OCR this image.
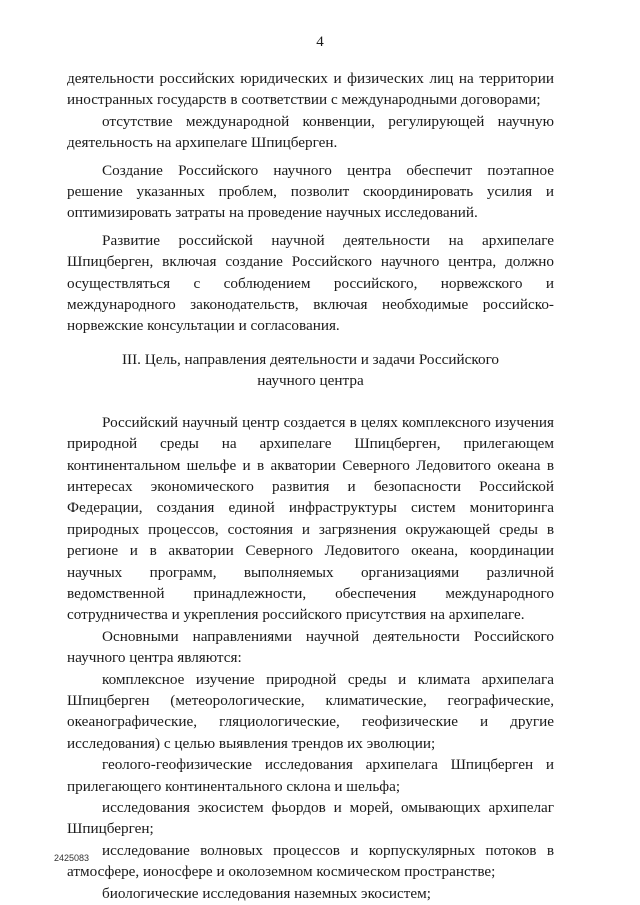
4

деятельности российских юридических и физических лиц на территории иностранных государств в соответствии с международными договорами;

отсутствие международной конвенции, регулирующей научную деятельность на архипелаге Шпицберген.

Создание Российского научного центра обеспечит поэтапное решение указанных проблем, позволит скоординировать усилия и оптимизировать затраты на проведение научных исследований.

Развитие российской научной деятельности на архипелаге Шпицберген, включая создание Российского научного центра, должно осуществляться с соблюдением российского, норвежского и международного законодательств, включая необходимые российско-норвежские консультации и согласования.

III. Цель, направления деятельности и задачи Российского
научного центра

Российский научный центр создается в целях комплексного изучения природной среды на архипелаге Шпицберген, прилегающем континентальном шельфе и в акватории Северного Ледовитого океана в интересах экономического развития и безопасности Российской Федерации, создания единой инфраструктуры систем мониторинга природных процессов, состояния и загрязнения окружающей среды в регионе и в акватории Северного Ледовитого океана, координации научных программ, выполняемых организациями различной ведомственной принадлежности, обеспечения международного сотрудничества и укрепления российского присутствия на архипелаге.

Основными направлениями научной деятельности Российского научного центра являются:

комплексное изучение природной среды и климата архипелага Шпицберген (метеорологические, климатические, географические, океанографические, гляциологические, геофизические и другие исследования) с целью выявления трендов их эволюции;

геолого-геофизические исследования архипелага Шпицберген и прилегающего континентального склона и шельфа;

исследования экосистем фьордов и морей, омывающих архипелаг Шпицберген;

исследование волновых процессов и корпускулярных потоков в атмосфере, ионосфере и околоземном космическом пространстве;

биологические исследования наземных экосистем;

2425083
